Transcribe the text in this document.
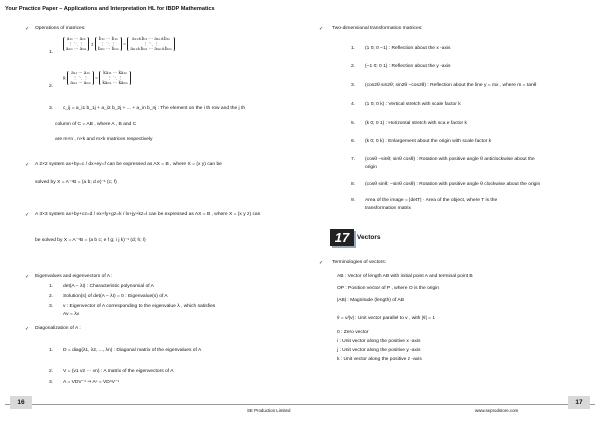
Your Practice Paper – Applications and Interpretation HL for IBDP Mathematics
✓ Operations of matrices:
1.
a₁₁ ⋯ a₁ₙ
⋮ ⋱ ⋮
aₘ₁ ⋯ aₘₙ ± b₁₁ ⋯ b₁ₙ
⋮ ⋱ ⋮
bₘ₁ ⋯ bₘₙ = a₁₁±b₁₁ ⋯ a₁ₙ±b₁ₙ
⋮ ⋱ ⋮
aₘ₁±bₘ₁ ⋯ aₘₙ±bₘₙ
2.
k a₁₁ ⋯ a₁ₙ
⋮ ⋱ ⋮
aₘ₁ ⋯ aₘₙ = ka₁₁ ⋯ ka₁ₙ
⋮ ⋱ ⋮
kaₘ₁ ⋯ kaₘₙ
3. c_ij = a_i1 b_1j + a_i2 b_2j + ... + a_in b_nj : The element on the i th row and the j th
column of C = AB , where A , B and C
are m×n , n×k and m×k matrices respectively
✓ A 2×2 system ax+by=c / dx+ey=f can be expressed as AX = B , where X = (x y) can be
solved by X = A⁻¹B = (a b; d e)⁻¹ (c; f)
✓ A 3×3 system ax+by+cz=d / ex+fy+gz=k / lx+jy+kz=l can be expressed as AX = B , where X = (x y z) can
be solved by X = A⁻¹B = (a b c; e f g; i j k)⁻¹ (d; h; l)
✓ Eigenvalues and eigenvectors of A :
1. det(A − λI) : Characteristic polynomial of A
2. Solution(s) of det(A − λI) = 0 : Eigenvalue(s) of A
3. v : Eigenvector of A corresponding to the eigenvalue λ , which satisfies
Av = λv
✓ Diagonalization of A :
1. D = diag(λ1, λ2, ..., λn) : Diagonal matrix of the eigenvalues of A
2. V = (v1 v2 ··· vn) : A matrix of the eigenvectors of A
3. A = VDV⁻¹ ⇒ Aⁿ = VDⁿV⁻¹
✓ Two-dimensional transformation matrices:
1. (1 0; 0 −1) : Reflection about the x -axis
2. (−1 0; 0 1) : Reflection about the y -axis
3. (cos2θ sin2θ; sin2θ −cos2θ) : Reflection about the line y = mx , where m = tanθ
4. (1 0; 0 k) : Vertical stretch with scale factor k
5. (k 0; 0 1) : Horizontal stretch with sca e factor k
6. (k 0; 0 k) : Enlargement about the origin with scale factor k
7. (cosθ −sinθ; sinθ cosθ) : Rotation with positive angle θ anticlockwise about the
origin
8. (cosθ sinθ; −sinθ cosθ) : Rotation with positive angle θ clockwise about the origin
9. Area of the image = |detT| · Area of the object, where T is the
transformation matrix
✓ Terminologies of vectors:
AB : Vector of length AB with initial point A and terminal point B
OP : Position vector of P , where O is the origin
|AB| : Magnitude (length) of AB
v̂ = v/|v| : Unit vector parallel to v , with |v̂| = 1
0 : Zero vector
i : Unit vector along the positive x -axis
j : Unit vector along the positive y -axis
k : Unit vector along the positive z -axis
17	Vectors
16	17
SE Production Limited	www.seprodstore.com
